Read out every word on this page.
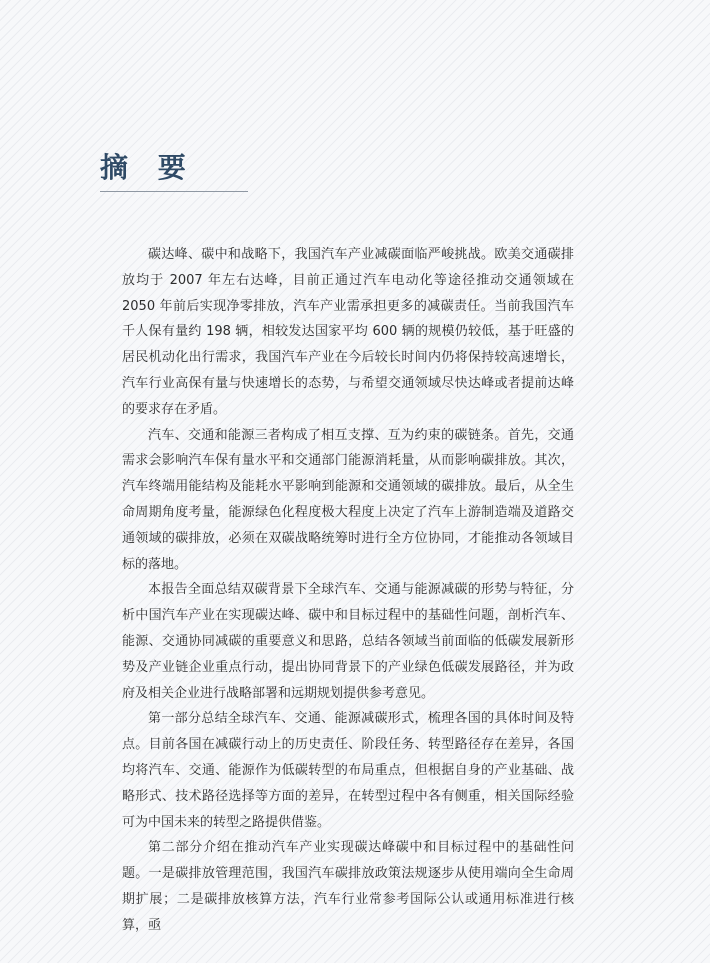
摘 要

碳达峰、碳中和战略下，我国汽车产业减碳面临严峻挑战。欧美交通碳排放均于 2007 年左右达峰，目前正通过汽车电动化等途径推动交通领域在 2050 年前后实现净零排放，汽车产业需承担更多的减碳责任。当前我国汽车千人保有量约 198 辆，相较发达国家平均 600 辆的规模仍较低，基于旺盛的居民机动化出行需求，我国汽车产业在今后较长时间内仍将保持较高速增长，汽车行业高保有量与快速增长的态势，与希望交通领域尽快达峰或者提前达峰的要求存在矛盾。

汽车、交通和能源三者构成了相互支撑、互为约束的碳链条。首先，交通需求会影响汽车保有量水平和交通部门能源消耗量，从而影响碳排放。其次，汽车终端用能结构及能耗水平影响到能源和交通领域的碳排放。最后，从全生命周期角度考量，能源绿色化程度极大程度上决定了汽车上游制造端及道路交通领域的碳排放，必须在双碳战略统筹时进行全方位协同，才能推动各领域目标的落地。

本报告全面总结双碳背景下全球汽车、交通与能源减碳的形势与特征，分析中国汽车产业在实现碳达峰、碳中和目标过程中的基础性问题，剖析汽车、能源、交通协同减碳的重要意义和思路，总结各领域当前面临的低碳发展新形势及产业链企业重点行动，提出协同背景下的产业绿色低碳发展路径，并为政府及相关企业进行战略部署和远期规划提供参考意见。

第一部分总结全球汽车、交通、能源减碳形式，梳理各国的具体时间及特点。目前各国在减碳行动上的历史责任、阶段任务、转型路径存在差异，各国均将汽车、交通、能源作为低碳转型的布局重点，但根据自身的产业基础、战略形式、技术路径选择等方面的差异，在转型过程中各有侧重，相关国际经验可为中国未来的转型之路提供借鉴。

第二部分介绍在推动汽车产业实现碳达峰碳中和目标过程中的基础性问题。一是碳排放管理范围，我国汽车碳排放政策法规逐步从使用端向全生命周期扩展；二是碳排放核算方法，汽车行业常参考国际公认或通用标准进行核算，亟
